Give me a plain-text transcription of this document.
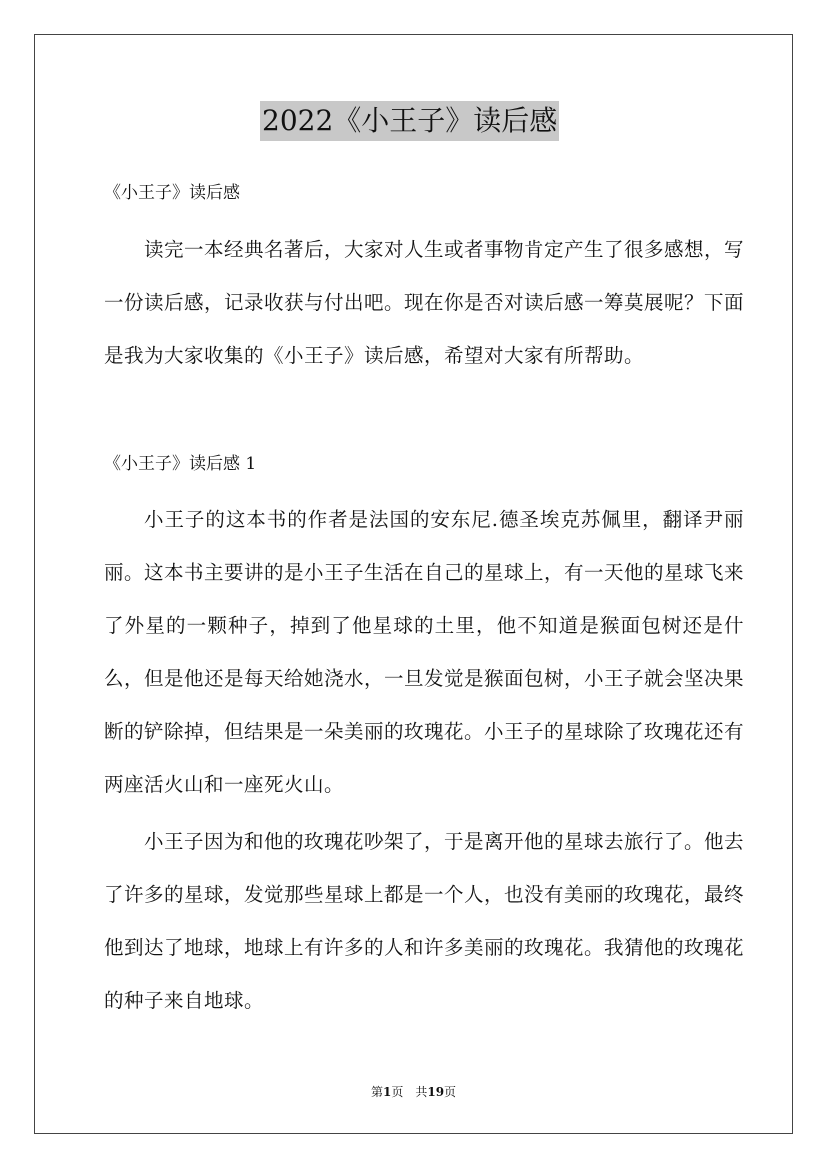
2022《小王子》读后感
《小王子》读后感

读完一本经典名著后，大家对人生或者事物肯定产生了很多感想，写一份读后感，记录收获与付出吧。现在你是否对读后感一筹莫展呢？下面是我为大家收集的《小王子》读后感，希望对大家有所帮助。

《小王子》读后感 1

小王子的这本书的作者是法国的安东尼.德圣埃克苏佩里，翻译尹丽丽。这本书主要讲的是小王子生活在自己的星球上，有一天他的星球飞来了外星的一颗种子，掉到了他星球的土里，他不知道是猴面包树还是什么，但是他还是每天给她浇水，一旦发觉是猴面包树，小王子就会坚决果断的铲除掉，但结果是一朵美丽的玫瑰花。小王子的星球除了玫瑰花还有两座活火山和一座死火山。

小王子因为和他的玫瑰花吵架了，于是离开他的星球去旅行了。他去了许多的星球，发觉那些星球上都是一个人，也没有美丽的玫瑰花，最终他到达了地球，地球上有许多的人和许多美丽的玫瑰花。我猜他的玫瑰花的种子来自地球。

第1页 共19页
